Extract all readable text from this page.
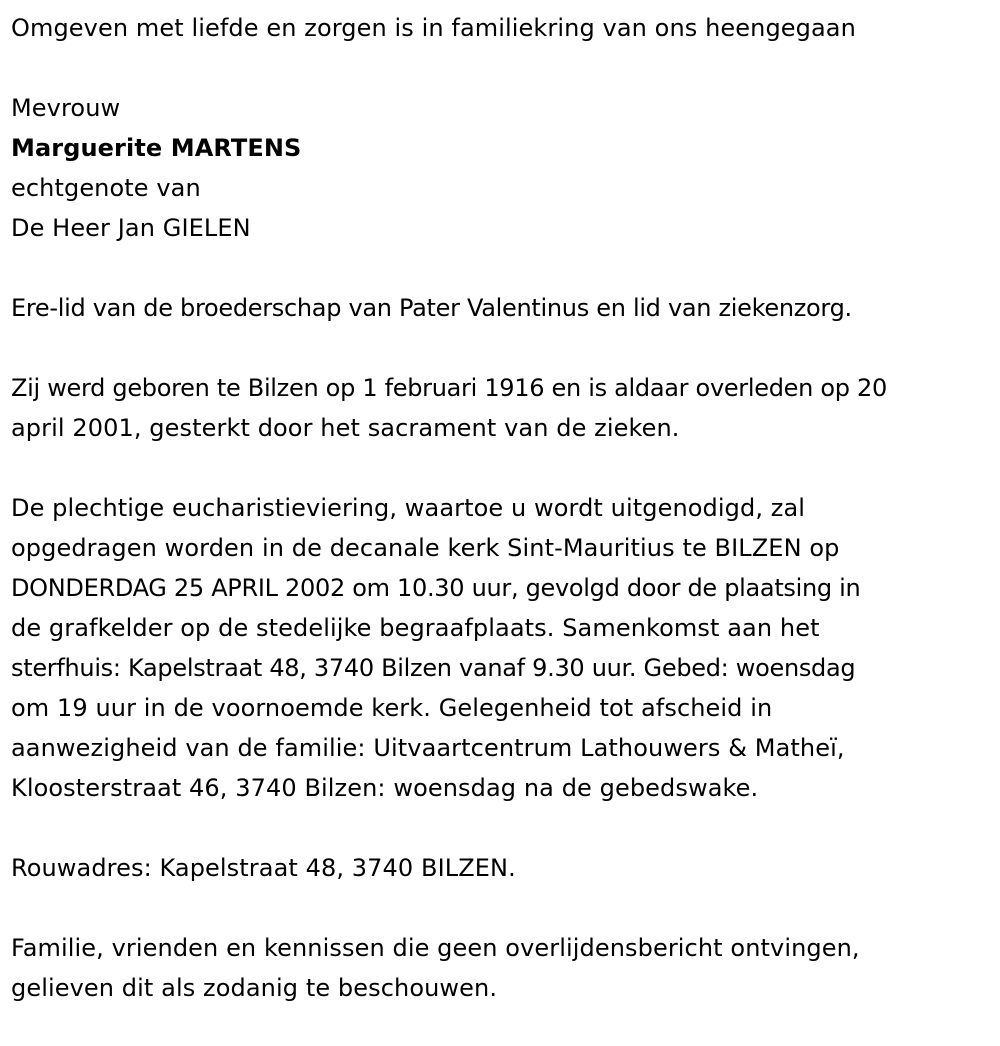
Omgeven met liefde en zorgen is in familiekring van ons heengegaan

Mevrouw

Marguerite MARTENS

echtgenote van

De Heer Jan GIELEN

Ere-lid van de broederschap van Pater Valentinus en lid van ziekenzorg.

Zij werd geboren te Bilzen op 1 februari 1916 en is aldaar overleden op 20

april 2001, gesterkt door het sacrament van de zieken.

De plechtige eucharistieviering, waartoe u wordt uitgenodigd, zal

opgedragen worden in de decanale kerk Sint-Mauritius te BILZEN op

DONDERDAG 25 APRIL 2002 om 10.30 uur, gevolgd door de plaatsing in

de grafkelder op de stedelijke begraafplaats. Samenkomst aan het

sterfhuis: Kapelstraat 48, 3740 Bilzen vanaf 9.30 uur. Gebed: woensdag

om 19 uur in de voornoemde kerk. Gelegenheid tot afscheid in

aanwezigheid van de familie: Uitvaartcentrum Lathouwers & Matheï,

Kloosterstraat 46, 3740 Bilzen: woensdag na de gebedswake.

Rouwadres: Kapelstraat 48, 3740 BILZEN.

Familie, vrienden en kennissen die geen overlijdensbericht ontvingen,

gelieven dit als zodanig te beschouwen.
